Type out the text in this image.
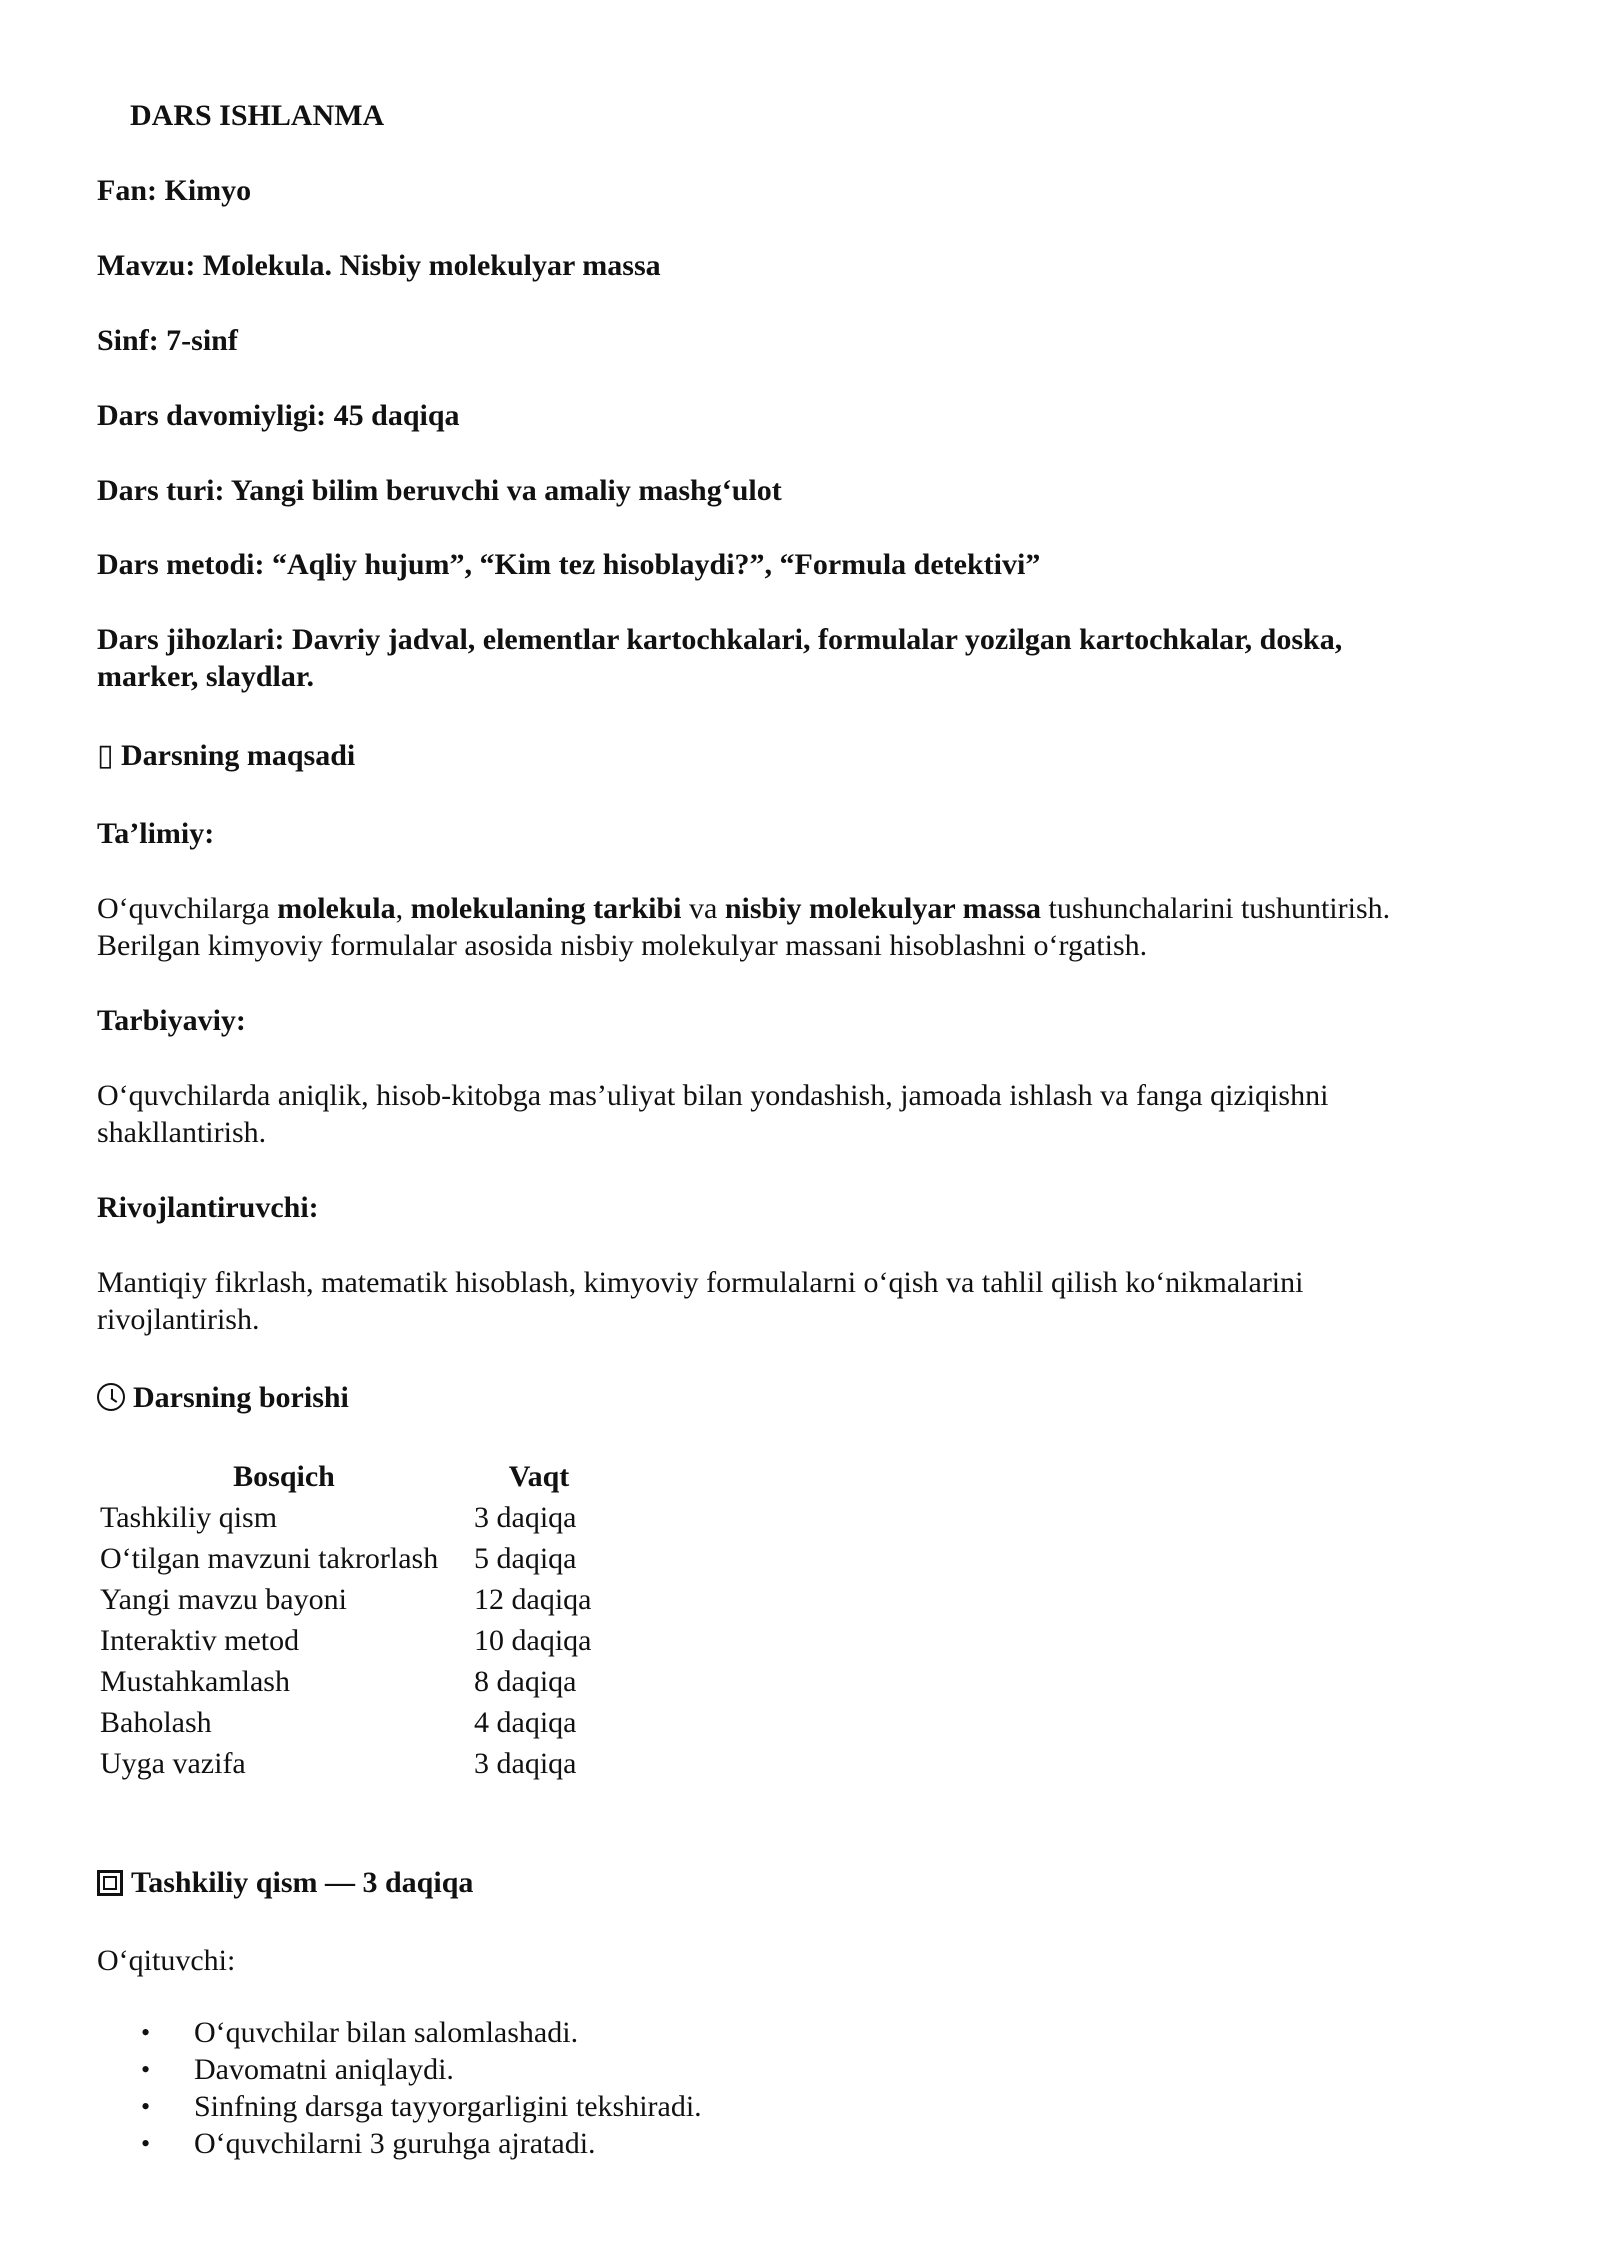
DARS ISHLANMA
Fan: Kimyo
Mavzu: Molekula. Nisbiy molekulyar massa
Sinf: 7-sinf
Dars davomiyligi: 45 daqiqa
Dars turi: Yangi bilim beruvchi va amaliy mashg‘ulot
Dars metodi: “Aqliy hujum”, “Kim tez hisoblaydi?”, “Formula detektivi”
Dars jihozlari: Davriy jadval, elementlar kartochkalari, formulalar yozilgan kartochkalar, doska,
marker, slaydlar.
▯ Darsning maqsadi
Ta’limiy:
O‘quvchilarga molekula, molekulaning tarkibi va nisbiy molekulyar massa tushunchalarini tushuntirish.
Berilgan kimyoviy formulalar asosida nisbiy molekulyar massani hisoblashni o‘rgatish.
Tarbiyaviy:
O‘quvchilarda aniqlik, hisob-kitobga mas’uliyat bilan yondashish, jamoada ishlash va fanga qiziqishni
shakllantirish.
Rivojlantiruvchi:
Mantiqiy fikrlash, matematik hisoblash, kimyoviy formulalarni o‘qish va tahlil qilish ko‘nikmalarini
rivojlantirish.
Darsning borishi
Bosqich	Vaqt
Tashkiliy qism	3 daqiqa
O‘tilgan mavzuni takrorlash	5 daqiqa
Yangi mavzu bayoni	12 daqiqa
Interaktiv metod	10 daqiqa
Mustahkamlash	8 daqiqa
Baholash	4 daqiqa
Uyga vazifa	3 daqiqa
Tashkiliy qism — 3 daqiqa
O‘qituvchi:
• O‘quvchilar bilan salomlashadi.
• Davomatni aniqlaydi.
• Sinfning darsga tayyorgarligini tekshiradi.
• O‘quvchilarni 3 guruhga ajratadi.
